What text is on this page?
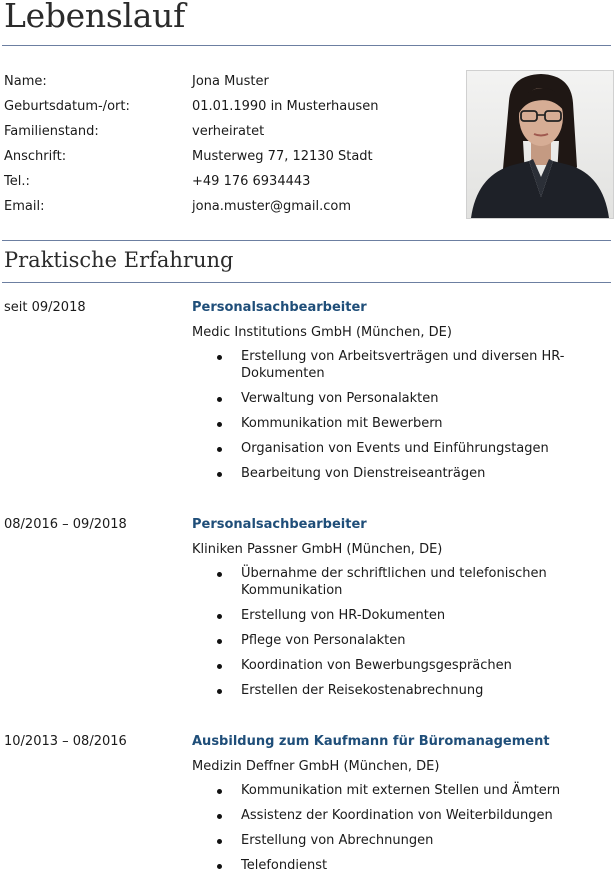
Lebenslauf
Name:	Jona Muster
Geburtsdatum-/ort:	01.01.1990 in Musterhausen
Familienstand:	verheiratet
Anschrift:	Musterweg 77, 12130 Stadt
Tel.:	+49 176 6934443
Email:	jona.muster@gmail.com
Praktische Erfahrung
seit 09/2018	Personalsachbearbeiter
Medic Institutions GmbH (München, DE)
Erstellung von Arbeitsverträgen und diversen HR-Dokumenten
Verwaltung von Personalakten
Kommunikation mit Bewerbern
Organisation von Events und Einführungstagen
Bearbeitung von Dienstreiseanträgen
08/2016 – 09/2018	Personalsachbearbeiter
Kliniken Passner GmbH (München, DE)
Übernahme der schriftlichen und telefonischen Kommunikation
Erstellung von HR-Dokumenten
Pflege von Personalakten
Koordination von Bewerbungsgesprächen
Erstellen der Reisekostenabrechnung
10/2013 – 08/2016	Ausbildung zum Kaufmann für Büromanagement
Medizin Deffner GmbH (München, DE)
Kommunikation mit externen Stellen und Ämtern
Assistenz der Koordination von Weiterbildungen
Erstellung von Abrechnungen
Telefondienst
